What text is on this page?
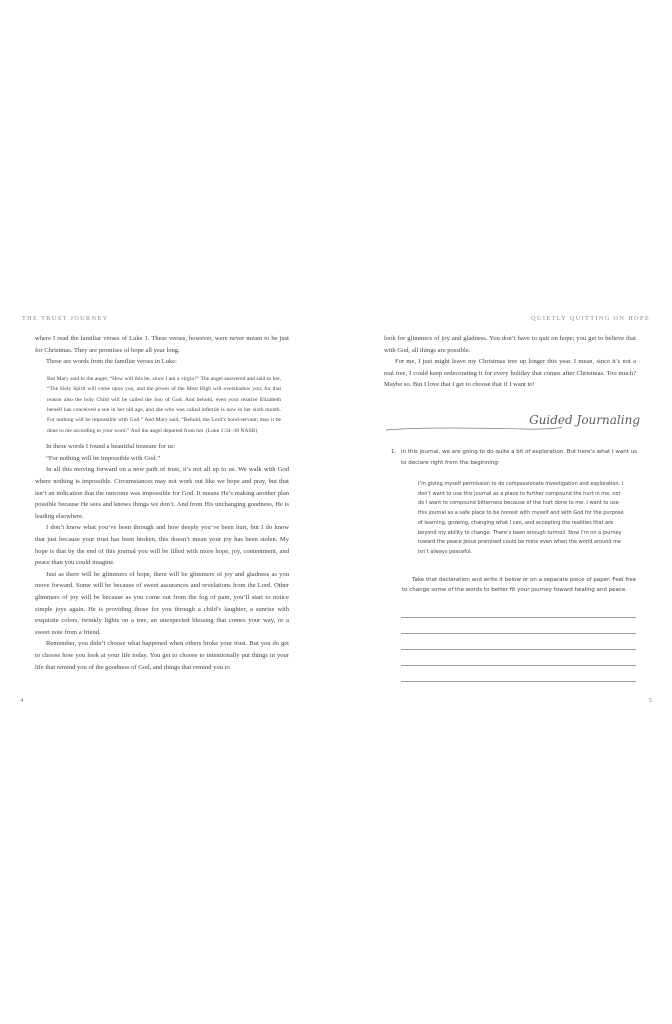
THE TRUST JOURNEY	QUIETLY QUITTING ON HOPE

where I read the familiar verses of Luke 1. These verses, however, were never meant to be just for Christmas. They are promises of hope all year long.

These are words from the familiar verses in Luke:

But Mary said to the angel, “How will this be, since I am a virgin?” The angel answered and said to her, “The Holy Spirit will come upon you, and the power of the Most High will overshadow you; for that reason also the holy Child will be called the Son of God. And behold, even your relative Elizabeth herself has conceived a son in her old age, and she who was called infertile is now in her sixth month. For nothing will be impossible with God.” And Mary said, “Behold, the Lord’s bond-servant; may it be done to me according to your word.” And the angel departed from her. (Luke 1:34–38 NASB)

In these words I found a beautiful treasure for us:

“For nothing will be impossible with God.”

In all this moving forward on a new path of trust, it’s not all up to us. We walk with God where nothing is impossible. Circumstances may not work out like we hope and pray, but that isn’t an indication that the outcome was impossible for God. It means He’s making another plan possible because He sees and knows things we don’t. And from His unchanging goodness, He is leading elsewhere.

I don’t know what you’ve been through and how deeply you’ve been hurt, but I do know that just because your trust has been broken, this doesn’t mean your joy has been stolen. My hope is that by the end of this journal you will be filled with more hope, joy, contentment, and peace than you could imagine.

Just as there will be glimmers of hope, there will be glimmers of joy and gladness as you move forward. Some will be because of sweet assurances and revelations from the Lord. Other glimmers of joy will be because as you come out from the fog of pain, you’ll start to notice simple joys again. He is providing those for you through a child’s laughter, a sunrise with exquisite colors, twinkly lights on a tree, an unexpected blessing that comes your way, or a sweet note from a friend.

Remember, you didn’t choose what happened when others broke your trust. But you do get to choose how you look at your life today. You get to choose to intentionally put things in your life that remind you of the goodness of God, and things that remind you to

look for glimmers of joy and gladness. You don’t have to quit on hope; you get to believe that with God, all things are possible.

For me, I just might leave my Christmas tree up longer this year. I mean, since it’s not a real tree, I could keep redecorating it for every holiday that comes after Christmas. Too much? Maybe so. But I love that I get to choose that if I want to!

Guided Journaling
1. In this journal, we are going to do quite a bit of exploration. But here’s what I want us to declare right from the beginning:
I’m giving myself permission to do compassionate investigation and exploration. I don’t want to use this journal as a place to further compound the hurt in me, nor do I want to compound bitterness because of the hurt done to me. I want to use this journal as a safe place to be honest with myself and with God for the purpose of learning, growing, changing what I can, and accepting the realities that are beyond my ability to change. There’s been enough turmoil. Now I’m on a journey toward the peace Jesus promised could be mine even when the world around me isn’t always peaceful.

Take that declaration and write it below or on a separate piece of paper. Feel free to change some of the words to better fit your journey toward healing and peace.

4	5
